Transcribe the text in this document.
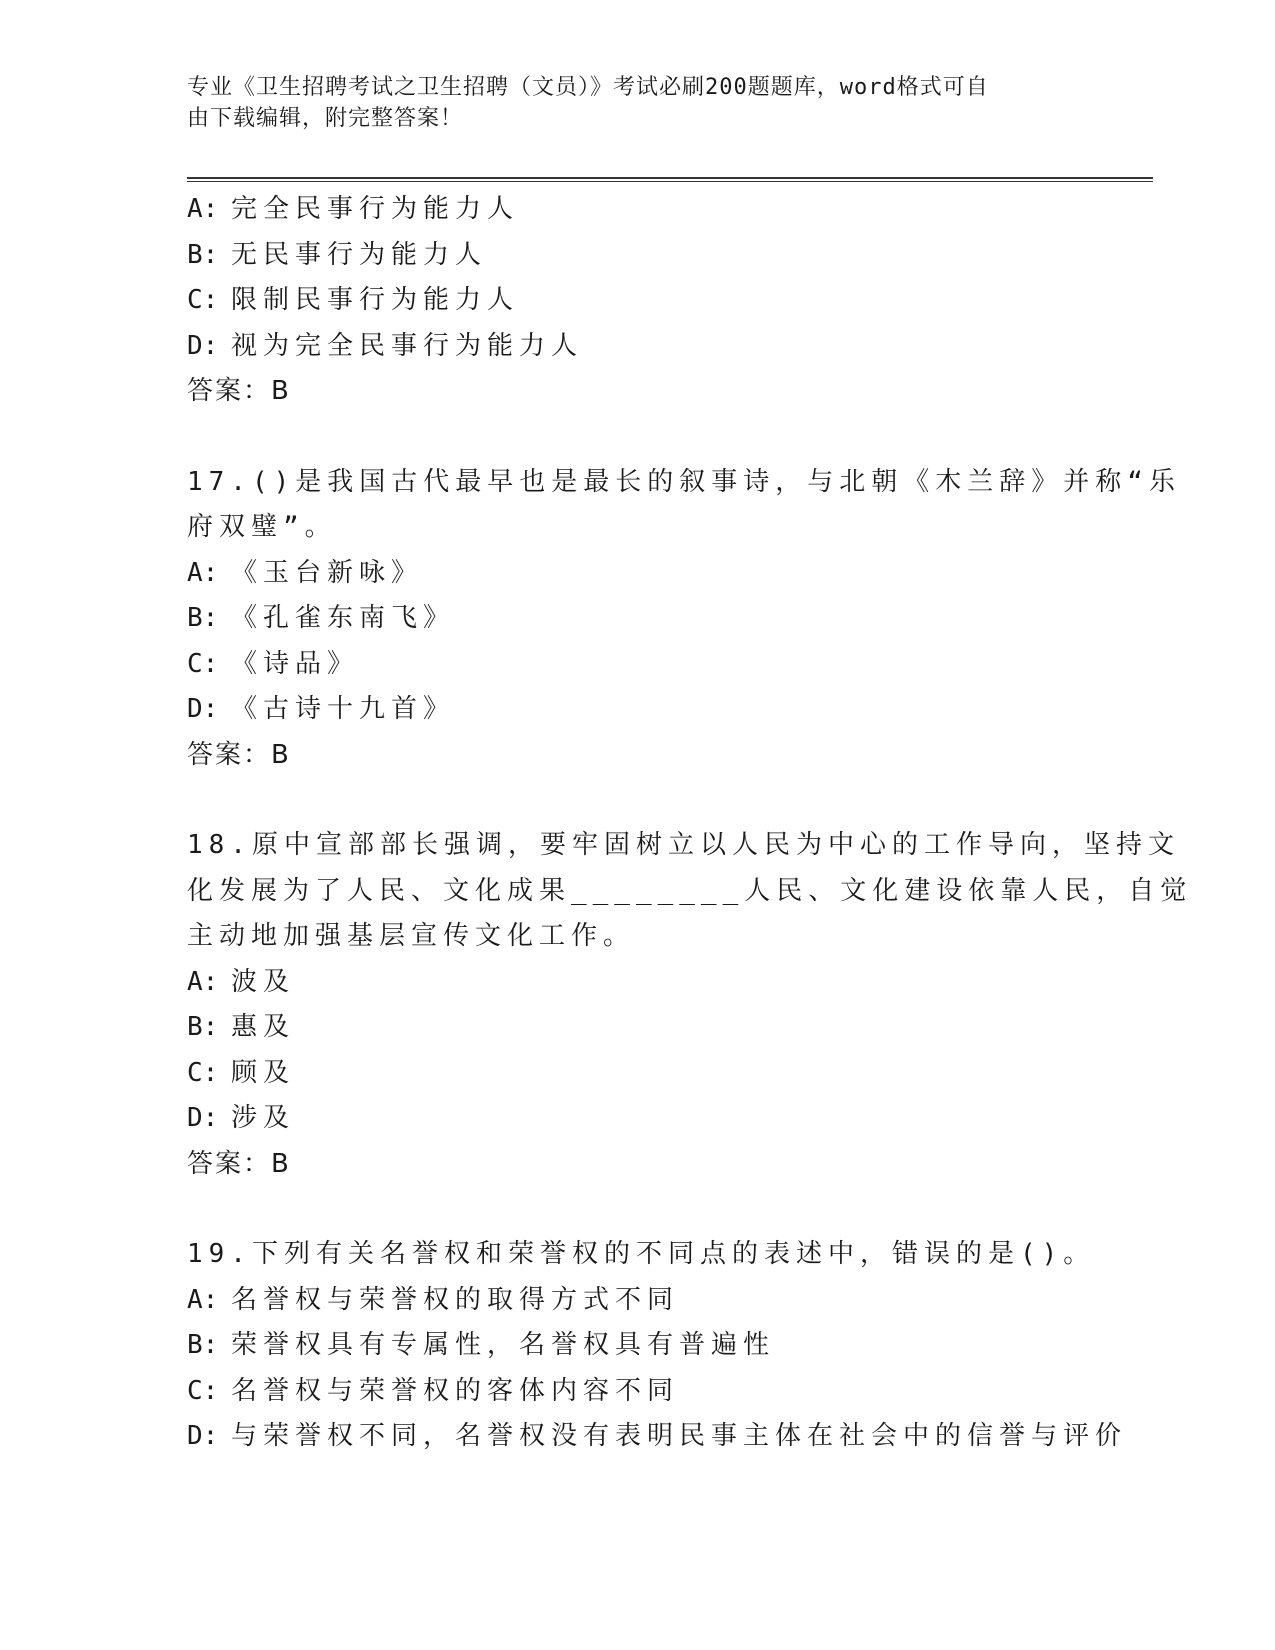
专业《卫生招聘考试之卫生招聘（文员）》考试必刷200题题库，word格式可自
由下载编辑，附完整答案！
A: 完全民事行为能力人
B: 无民事行为能力人
C: 限制民事行为能力人
D: 视为完全民事行为能力人
答案：B
17.()是我国古代最早也是最长的叙事诗，与北朝《木兰辞》并称“乐
府双璧”。
A: 《玉台新咏》
B: 《孔雀东南飞》
C: 《诗品》
D: 《古诗十九首》
答案：B
18.原中宣部部长强调，要牢固树立以人民为中心的工作导向，坚持文
化发展为了人民、文化成果________人民、文化建设依靠人民，自觉
主动地加强基层宣传文化工作。
A: 波及
B: 惠及
C: 顾及
D: 涉及
答案：B
19.下列有关名誉权和荣誉权的不同点的表述中，错误的是()。
A: 名誉权与荣誉权的取得方式不同
B: 荣誉权具有专属性，名誉权具有普遍性
C: 名誉权与荣誉权的客体内容不同
D: 与荣誉权不同，名誉权没有表明民事主体在社会中的信誉与评价
